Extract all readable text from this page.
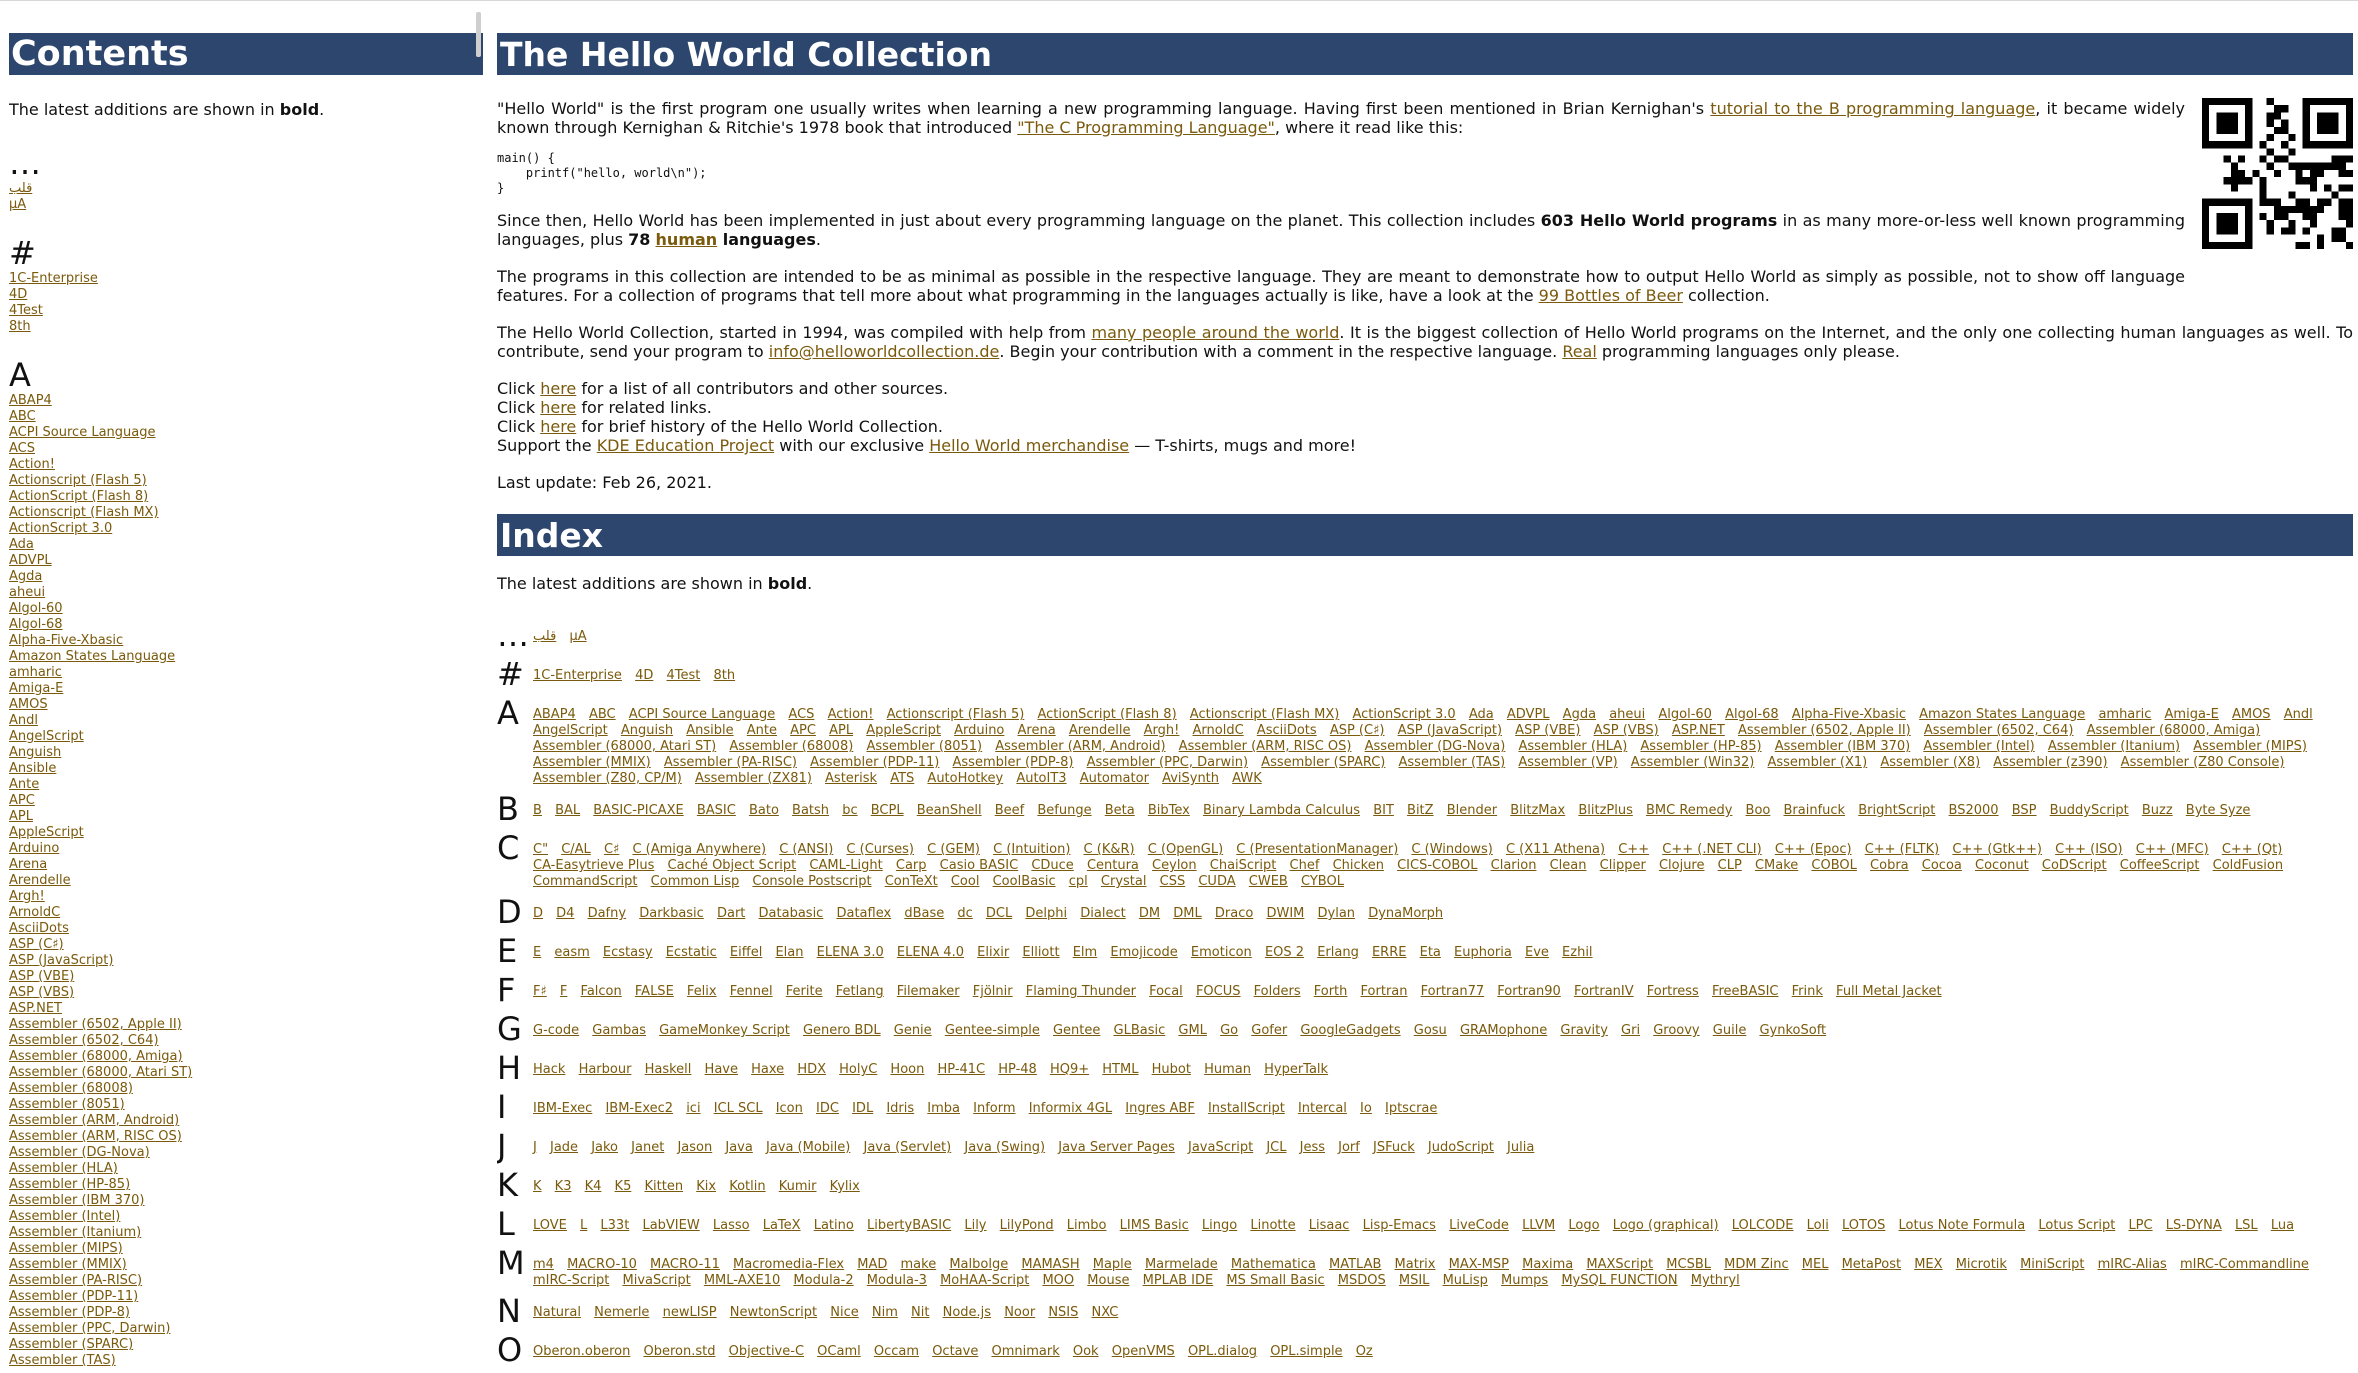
Contents
The latest additions are shown in bold.
…
قلب
µA
#
1C-Enterprise
4D
4Test
8th
A
ABAP4
ABC
ACPI Source Language
ACS
Action!
Actionscript (Flash 5)
ActionScript (Flash 8)
Actionscript (Flash MX)
ActionScript 3.0
Ada
ADVPL
Agda
aheui
Algol-60
Algol-68
Alpha-Five-Xbasic
Amazon States Language
amharic
Amiga-E
AMOS
Andl
AngelScript
Anguish
Ansible
Ante
APC
APL
AppleScript
Arduino
Arena
Arendelle
Argh!
ArnoldC
AsciiDots
ASP (C♯)
ASP (JavaScript)
ASP (VBE)
ASP (VBS)
ASP.NET
Assembler (6502, Apple II)
Assembler (6502, C64)
Assembler (68000, Amiga)
Assembler (68000, Atari ST)
Assembler (68008)
Assembler (8051)
Assembler (ARM, Android)
Assembler (ARM, RISC OS)
Assembler (DG-Nova)
Assembler (HLA)
Assembler (HP-85)
Assembler (IBM 370)
Assembler (Intel)
Assembler (Itanium)
Assembler (MIPS)
Assembler (MMIX)
Assembler (PA-RISC)
Assembler (PDP-11)
Assembler (PDP-8)
Assembler (PPC, Darwin)
Assembler (SPARC)
Assembler (TAS)
The Hello World Collection

"Hello World" is the first program one usually writes when learning a new programming language. Having first been mentioned in Brian Kernighan's tutorial to the B programming language, it became widely known through Kernighan & Ritchie's 1978 book that introduced "The C Programming Language", where it read like this:

main() {
printf("hello, world\n");
}

Since then, Hello World has been implemented in just about every programming language on the planet. This collection includes 603 Hello World programs in as many more-or-less well known programming languages, plus 78 human languages.

The programs in this collection are intended to be as minimal as possible in the respective language. They are meant to demonstrate how to output Hello World as simply as possible, not to show off language features. For a collection of programs that tell more about what programming in the languages actually is like, have a look at the 99 Bottles of Beer collection.

The Hello World Collection, started in 1994, was compiled with help from many people around the world. It is the biggest collection of Hello World programs on the Internet, and the only one collecting human languages as well. To contribute, send your program to info@helloworldcollection.de. Begin your contribution with a comment in the respective language. Real programming languages only please.

Click here for a list of all contributors and other sources.
Click here for related links.
Click here for brief history of the Hello World Collection.
Support the KDE Education Project with our exclusive Hello World merchandise — T-shirts, mugs and more!

Last update: Feb 26, 2021.

Index
The latest additions are shown in bold.
… قلب µA
# 1C-Enterprise 4D 4Test 8th
A	ABAP4 ABC ACPI Source Language ACS Action! Actionscript (Flash 5) ActionScript (Flash 8) Actionscript (Flash MX) ActionScript 3.0 Ada ADVPL Agda aheui Algol-60 Algol-68 Alpha-Five-Xbasic Amazon States Language amharic Amiga-E AMOS Andl AngelScript Anguish Ansible Ante APC APL AppleScript Arduino Arena Arendelle Argh! ArnoldC AsciiDots ASP (C♯) ASP (JavaScript) ASP (VBE) ASP (VBS) ASP.NET Assembler (6502, Apple II) Assembler (6502, C64) Assembler (68000, Amiga) Assembler (68000, Atari ST) Assembler (68008) Assembler (8051) Assembler (ARM, Android) Assembler (ARM, RISC OS) Assembler (DG-Nova) Assembler (HLA) Assembler (HP-85) Assembler (IBM 370) Assembler (Intel) Assembler (Itanium) Assembler (MIPS) Assembler (MMIX) Assembler (PA-RISC) Assembler (PDP-11) Assembler (PDP-8) Assembler (PPC, Darwin) Assembler (SPARC) Assembler (TAS) Assembler (VP) Assembler (Win32) Assembler (X1) Assembler (X8) Assembler (z390) Assembler (Z80 Console) Assembler (Z80, CP/M) Assembler (ZX81) Asterisk ATS AutoHotkey AutoIT3 Automator AviSynth AWK
B	B BAL BASIC-PICAXE BASIC Bato Batsh bc BCPL BeanShell Beef Befunge Beta BibTex Binary Lambda Calculus BIT BitZ Blender BlitzMax BlitzPlus BMC Remedy Boo Brainfuck BrightScript BS2000 BSP BuddyScript Buzz Byte Syze
C	C" C/AL C♯ C (Amiga Anywhere) C (ANSI) C (Curses) C (GEM) C (Intuition) C (K&R) C (OpenGL) C (PresentationManager) C (Windows) C (X11 Athena) C++ C++ (.NET CLI) C++ (Epoc) C++ (FLTK) C++ (Gtk++) C++ (ISO) C++ (MFC) C++ (Qt) CA-Easytrieve Plus Caché Object Script CAML-Light Carp Casio BASIC CDuce Centura Ceylon ChaiScript Chef Chicken CICS-COBOL Clarion Clean Clipper Clojure CLP CMake COBOL Cobra Cocoa Coconut CoDScript CoffeeScript ColdFusion CommandScript Common Lisp Console Postscript ConTeXt Cool CoolBasic cpl Crystal CSS CUDA CWEB CYBOL
D D D4 Dafny Darkbasic Dart Databasic Dataflex dBase dc DCL Delphi Dialect DM DML Draco DWIM Dylan DynaMorph
E	E easm Ecstasy Ecstatic Eiffel Elan ELENA 3.0 ELENA 4.0 Elixir Elliott Elm Emojicode Emoticon EOS 2 Erlang ERRE Eta Euphoria Eve Ezhil
F	F♯ F Falcon FALSE Felix Fennel Ferite Fetlang Filemaker Fjölnir Flaming Thunder Focal FOCUS Folders Forth Fortran Fortran77 Fortran90 FortranIV Fortress FreeBASIC Frink Full Metal Jacket
G G-code Gambas GameMonkey Script Genero BDL Genie Gentee-simple Gentee GLBasic GML Go Gofer GoogleGadgets Gosu GRAMophone Gravity Gri Groovy Guile GynkoSoft
H Hack Harbour Haskell Have Haxe HDX HolyC Hoon HP-41C HP-48 HQ9+ HTML Hubot Human HyperTalk
I	IBM-Exec IBM-Exec2 ici ICL SCL Icon IDC IDL Idris Imba Inform Informix 4GL Ingres ABF InstallScript Intercal Io Iptscrae
J	J Jade Jako Janet Jason Java Java (Mobile) Java (Servlet) Java (Swing) Java Server Pages JavaScript JCL Jess Jorf JSFuck JudoScript Julia
K	K K3 K4 K5 Kitten Kix Kotlin Kumir Kylix
L	LOVE L L33t LabVIEW Lasso LaTeX Latino LibertyBASIC Lily LilyPond Limbo LIMS Basic Lingo Linotte Lisaac Lisp-Emacs LiveCode LLVM Logo Logo (graphical) LOLCODE Loli LOTOS Lotus Note Formula Lotus Script LPC LS-DYNA LSL Lua
M m4 MACRO-10 MACRO-11 Macromedia-Flex MAD make Malbolge MAMASH Maple Marmelade Mathematica MATLAB Matrix MAX-MSP Maxima MAXScript MCSBL MDM Zinc MEL MetaPost MEX Microtik MiniScript mIRC-Alias mIRC-Commandline mIRC-Script MivaScript MML-AXE10 Modula-2 Modula-3 MoHAA-Script MOO Mouse MPLAB IDE MS Small Basic MSDOS MSIL MuLisp Mumps MySQL FUNCTION Mythryl
N Natural Nemerle newLISP NewtonScript Nice Nim Nit Node.js Noor NSIS NXC
O Oberon.oberon Oberon.std Objective-C OCaml Occam Octave Omnimark Ook OpenVMS OPL.dialog OPL.simple Oz
